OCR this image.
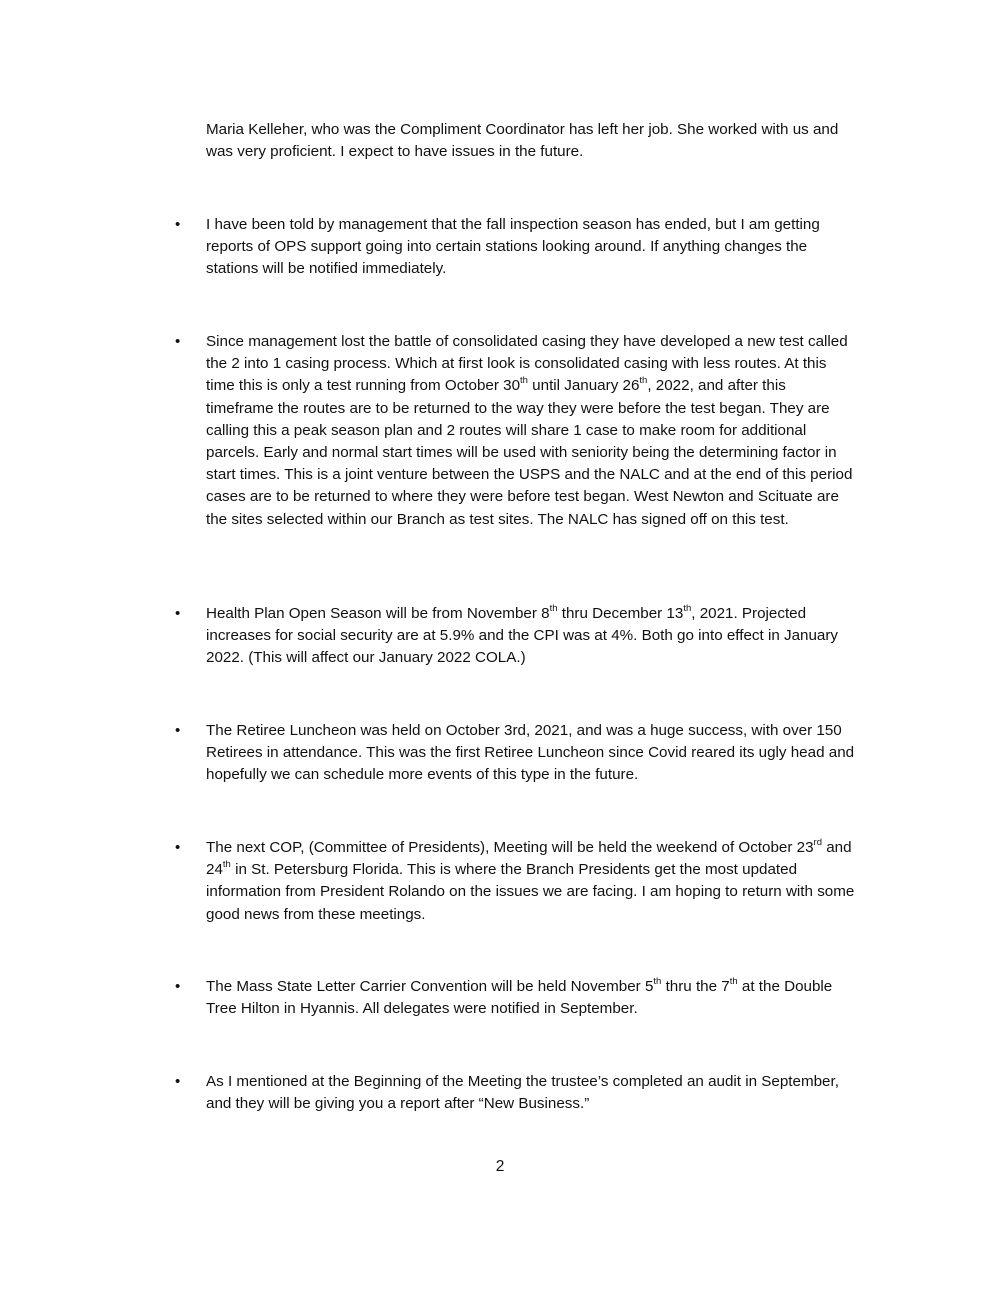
Maria Kelleher, who was the Compliment Coordinator has left her job. She worked with us and was very proficient. I expect to have issues in the future.

• I have been told by management that the fall inspection season has ended, but I am getting reports of OPS support going into certain stations looking around. If anything changes the stations will be notified immediately.

• Since management lost the battle of consolidated casing they have developed a new test called the 2 into 1 casing process. Which at first look is consolidated casing with less routes. At this time this is only a test running from October 30th until January 26th, 2022, and after this timeframe the routes are to be returned to the way they were before the test began. They are calling this a peak season plan and 2 routes will share 1 case to make room for additional parcels. Early and normal start times will be used with seniority being the determining factor in start times. This is a joint venture between the USPS and the NALC and at the end of this period cases are to be returned to where they were before test began. West Newton and Scituate are the sites selected within our Branch as test sites. The NALC has signed off on this test.

• Health Plan Open Season will be from November 8th thru December 13th, 2021. Projected increases for social security are at 5.9% and the CPI was at 4%. Both go into effect in January 2022. (This will affect our January 2022 COLA.)

• The Retiree Luncheon was held on October 3rd, 2021, and was a huge success, with over 150 Retirees in attendance. This was the first Retiree Luncheon since Covid reared its ugly head and hopefully we can schedule more events of this type in the future.

• The next COP, (Committee of Presidents), Meeting will be held the weekend of October 23rd and 24th in St. Petersburg Florida. This is where the Branch Presidents get the most updated information from President Rolando on the issues we are facing. I am hoping to return with some good news from these meetings.

• The Mass State Letter Carrier Convention will be held November 5th thru the 7th at the Double Tree Hilton in Hyannis. All delegates were notified in September.

• As I mentioned at the Beginning of the Meeting the trustee’s completed an audit in September, and they will be giving you a report after “New Business.”

2
